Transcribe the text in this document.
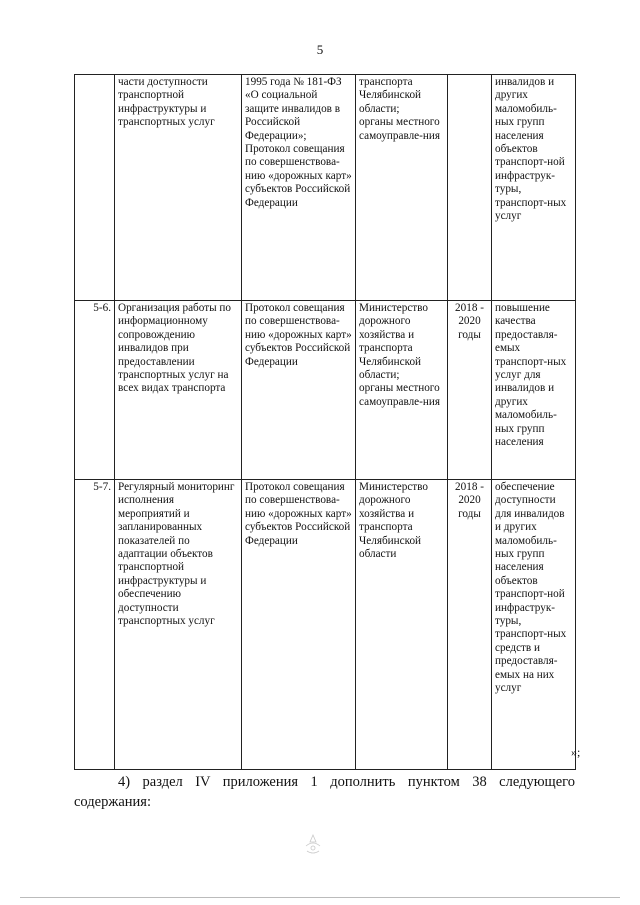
5
	части доступности транспортной инфраструктуры и транспортных услуг	1995 года № 181-ФЗ
«О социальной защите инвалидов в Российской Федерации»;
Протокол совещания по совершенствова-нию «дорожных карт» субъектов Российской Федерации	транспорта Челябинской области;
органы местного самоуправле-ния		инвалидов и других маломобиль-ных групп населения объектов транспорт-ной инфраструк-туры, транспорт-ных услуг
5-6.	Организация работы по информационному сопровождению инвалидов при предоставлении транспортных услуг на всех видах транспорта	Протокол совещания по совершенствова-нию «дорожных карт» субъектов Российской Федерации	Министерство дорожного хозяйства и транспорта Челябинской области;
органы местного самоуправле-ния	2018 -
2020
годы	повышение качества предоставля-емых транспорт-ных услуг для инвалидов и других маломобиль-ных групп населения
5-7.	Регулярный мониторинг исполнения мероприятий и запланированных показателей по адаптации объектов транспортной инфраструктуры и обеспечению доступности транспортных услуг	Протокол совещания по совершенствова-нию «дорожных карт» субъектов Российской Федерации	Министерство дорожного хозяйства и транспорта Челябинской области	2018 -
2020
годы	обеспечение доступности для инвалидов и других маломобиль-ных групп населения объектов транспорт-ной инфраструк-туры, транспорт-ных средств и предоставля-емых на них услуг
»;
4) раздел IV приложения 1 дополнить пунктом 38 следующего содержания:
